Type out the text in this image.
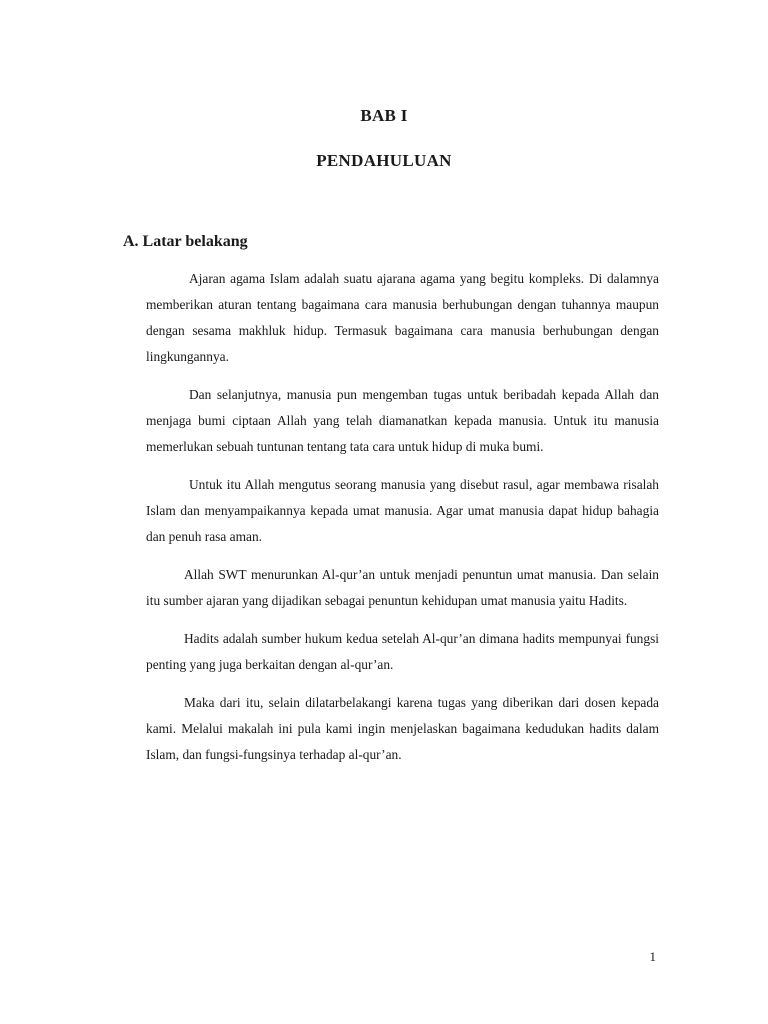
BAB I
PENDAHULUAN
A. Latar belakang

Ajaran agama Islam adalah suatu ajarana agama yang begitu kompleks. Di dalamnya memberikan aturan tentang bagaimana cara manusia berhubungan dengan tuhannya maupun dengan sesama makhluk hidup. Termasuk bagaimana cara manusia berhubungan dengan lingkungannya.

Dan selanjutnya, manusia pun mengemban tugas untuk beribadah kepada Allah dan menjaga bumi ciptaan Allah yang telah diamanatkan kepada manusia. Untuk itu manusia memerlukan sebuah tuntunan tentang tata cara untuk hidup di muka bumi.

Untuk itu Allah mengutus seorang manusia yang disebut rasul, agar membawa risalah Islam dan menyampaikannya kepada umat manusia. Agar umat manusia dapat hidup bahagia dan penuh rasa aman.

Allah SWT menurunkan Al-qur’an untuk menjadi penuntun umat manusia. Dan selain itu sumber ajaran yang dijadikan sebagai penuntun kehidupan umat manusia yaitu Hadits.

Hadits adalah sumber hukum kedua setelah Al-qur’an dimana hadits mempunyai fungsi penting yang juga berkaitan dengan al-qur’an.

Maka dari itu, selain dilatarbelakangi karena tugas yang diberikan dari dosen kepada kami. Melalui makalah ini pula kami ingin menjelaskan bagaimana kedudukan hadits dalam Islam, dan fungsi-fungsinya terhadap al-qur’an.

1
